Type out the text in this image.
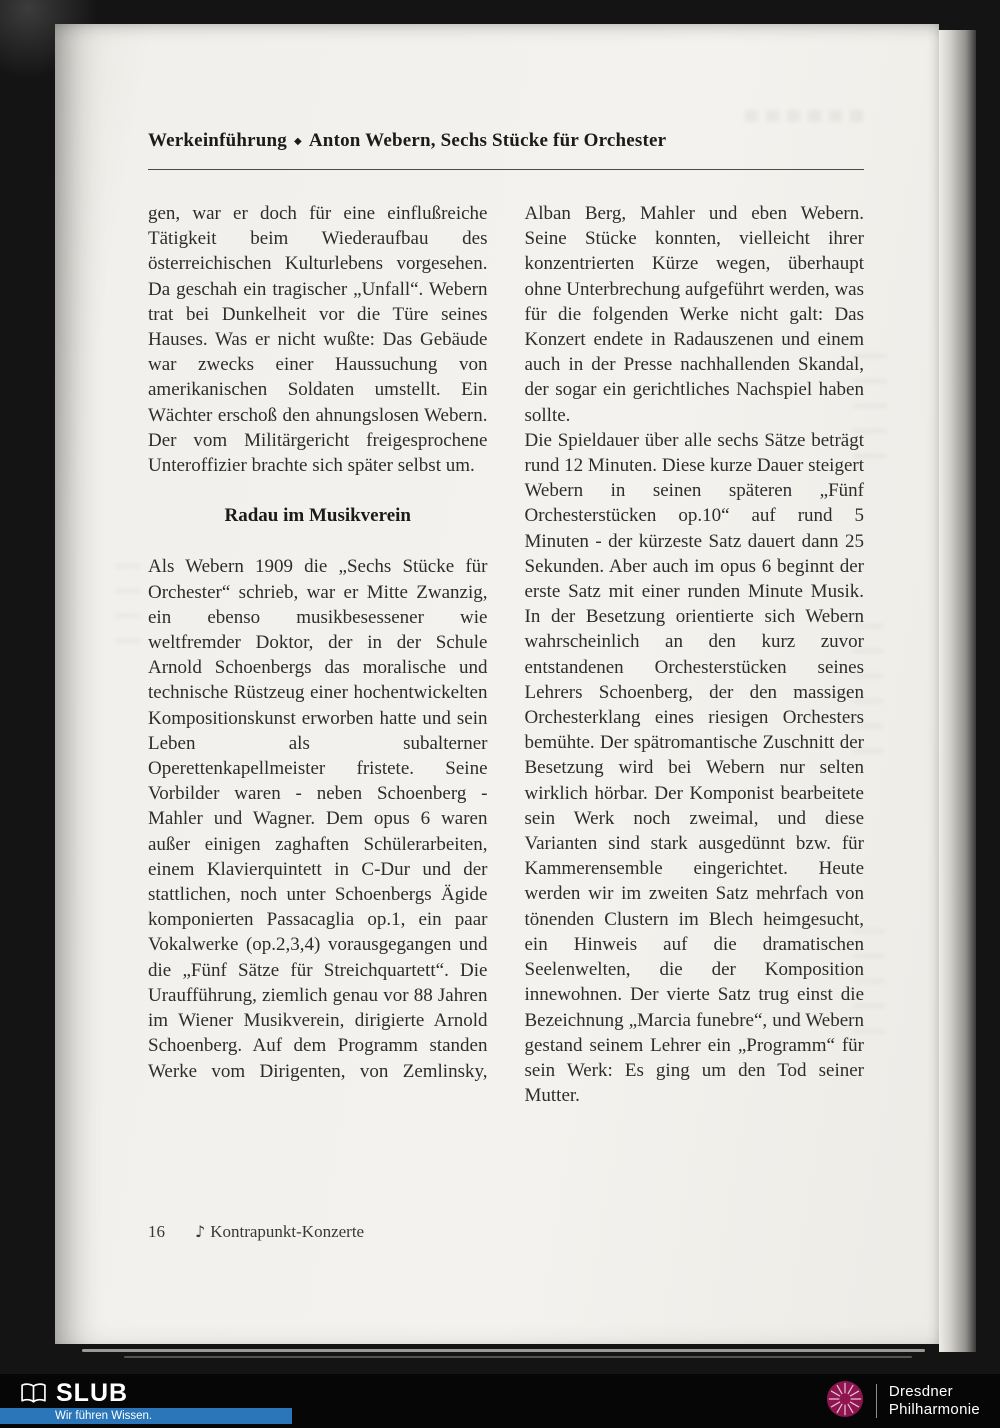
Werkeinführung ◆ Anton Webern, Sechs Stücke für Orchester

gen, war er doch für eine einflußreiche Tätigkeit beim Wiederaufbau des österreichischen Kulturlebens vorgesehen. Da geschah ein tragischer „Unfall“. Webern trat bei Dunkelheit vor die Türe seines Hauses. Was er nicht wußte: Das Gebäude war zwecks einer Haussuchung von amerikanischen Soldaten umstellt. Ein Wächter erschoß den ahnungslosen Webern. Der vom Militärgericht freigesprochene Unteroffizier brachte sich später selbst um.

Radau im Musikverein

Als Webern 1909 die „Sechs Stücke für Orchester“ schrieb, war er Mitte Zwanzig, ein ebenso musikbesessener wie weltfremder Doktor, der in der Schule Arnold Schoenbergs das moralische und technische Rüstzeug einer hochentwickelten Kompositionskunst erworben hatte und sein Leben als subalterner Operettenkapellmeister fristete. Seine Vorbilder waren - neben Schoenberg - Mahler und Wagner. Dem opus 6 waren außer einigen zaghaften Schülerarbeiten, einem Klavierquintett in C-Dur und der stattlichen, noch unter Schoenbergs Ägide komponierten Passacaglia op.1, ein paar Vokalwerke (op.2,3,4) vorausgegangen und die „Fünf Sätze für Streichquartett“. Die Uraufführung, ziemlich genau vor 88 Jahren im Wiener Musikverein, dirigierte Arnold Schoenberg. Auf dem Programm standen Werke vom Dirigenten, von Zemlinsky,

Alban Berg, Mahler und eben Webern. Seine Stücke konnten, vielleicht ihrer konzentrierten Kürze wegen, überhaupt ohne Unterbrechung aufgeführt werden, was für die folgenden Werke nicht galt: Das Konzert endete in Radauszenen und einem auch in der Presse nachhallenden Skandal, der sogar ein gerichtliches Nachspiel haben sollte.

Die Spieldauer über alle sechs Sätze beträgt rund 12 Minuten. Diese kurze Dauer steigert Webern in seinen späteren „Fünf Orchesterstücken op.10“ auf rund 5 Minuten - der kürzeste Satz dauert dann 25 Sekunden. Aber auch im opus 6 beginnt der erste Satz mit einer runden Minute Musik. In der Besetzung orientierte sich Webern wahrscheinlich an den kurz zuvor entstandenen Orchesterstücken seines Lehrers Schoenberg, der den massigen Orchesterklang eines riesigen Orchesters bemühte. Der spätromantische Zuschnitt der Besetzung wird bei Webern nur selten wirklich hörbar. Der Komponist bearbeitete sein Werk noch zweimal, und diese Varianten sind stark ausgedünnt bzw. für Kammerensemble eingerichtet. Heute werden wir im zweiten Satz mehrfach von tönenden Clustern im Blech heimgesucht, ein Hinweis auf die dramatischen Seelenwelten, die der Komposition innewohnen. Der vierte Satz trug einst die Bezeichnung „Marcia funebre“, und Webern gestand seinem Lehrer ein „Programm“ für sein Werk: Es ging um den Tod seiner Mutter.

16 ♪ Kontrapunkt-Konzerte
SLUB
Wir führen Wissen.
Dresdner
Philharmonie
